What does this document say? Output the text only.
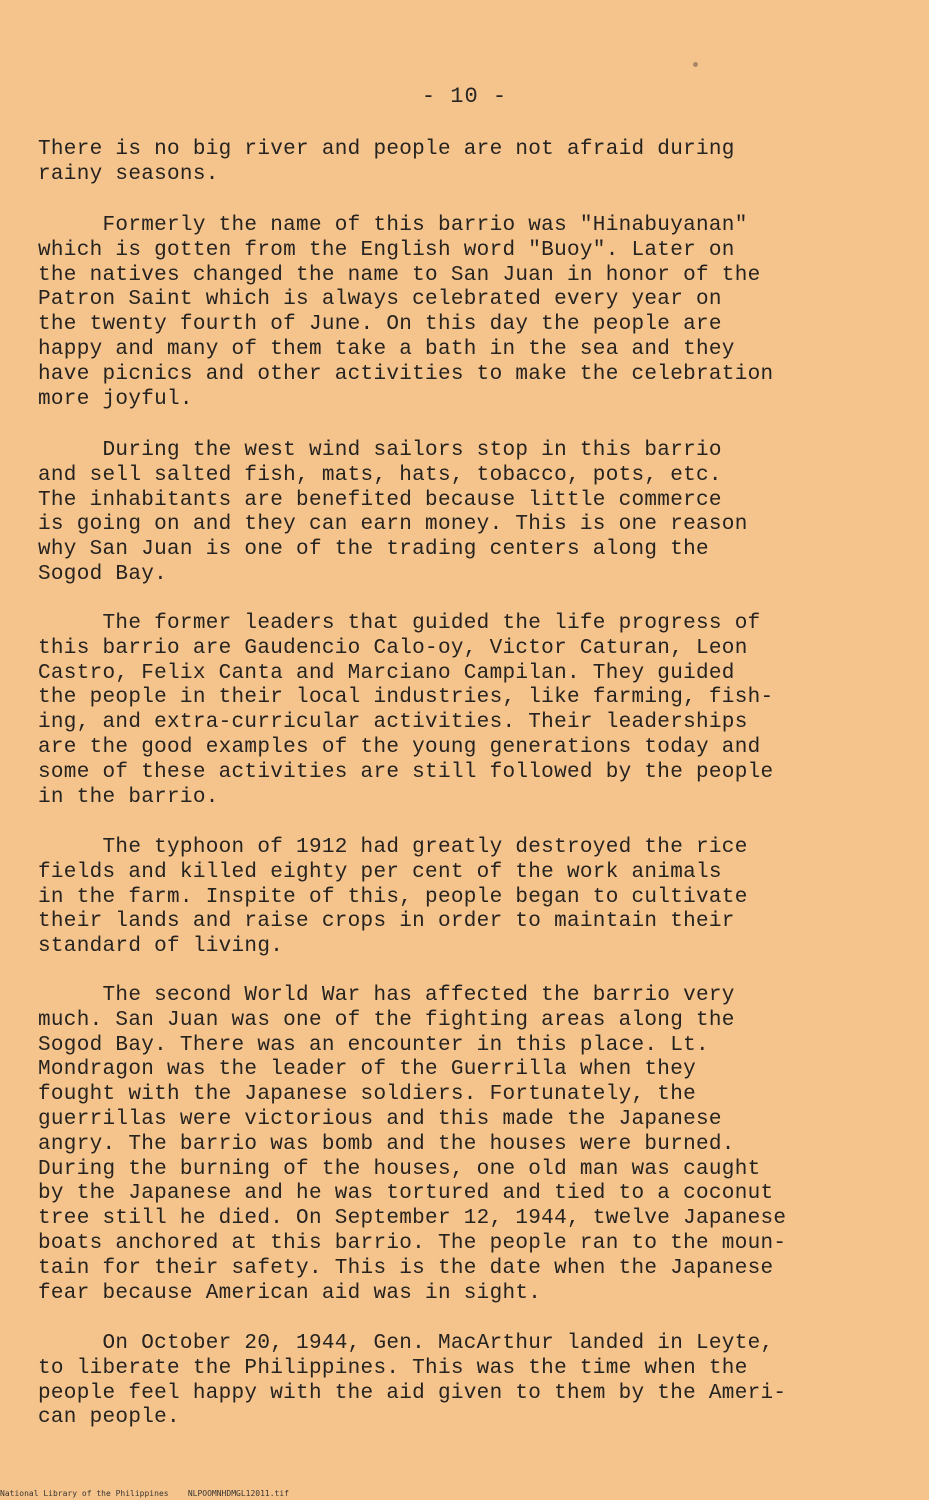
- 10 -

There is no big river and people are not afraid during
rainy seasons.

Formerly the name of this barrio was "Hinabuyanan"
which is gotten from the English word "Buoy". Later on
the natives changed the name to San Juan in honor of the
Patron Saint which is always celebrated every year on
the twenty fourth of June. On this day the people are
happy and many of them take a bath in the sea and they
have picnics and other activities to make the celebration
more joyful.

During the west wind sailors stop in this barrio
and sell salted fish, mats, hats, tobacco, pots, etc.
The inhabitants are benefited because little commerce
is going on and they can earn money. This is one reason
why San Juan is one of the trading centers along the
Sogod Bay.

The former leaders that guided the life progress of
this barrio are Gaudencio Calo-oy, Victor Caturan, Leon
Castro, Felix Canta and Marciano Campilan. They guided
the people in their local industries, like farming, fish-
ing, and extra-curricular activities. Their leaderships
are the good examples of the young generations today and
some of these activities are still followed by the people
in the barrio.

The typhoon of 1912 had greatly destroyed the rice
fields and killed eighty per cent of the work animals
in the farm. Inspite of this, people began to cultivate
their lands and raise crops in order to maintain their
standard of living.

The second World War has affected the barrio very
much. San Juan was one of the fighting areas along the
Sogod Bay. There was an encounter in this place. Lt.
Mondragon was the leader of the Guerrilla when they
fought with the Japanese soldiers. Fortunately, the
guerrillas were victorious and this made the Japanese
angry. The barrio was bomb and the houses were burned.
During the burning of the houses, one old man was caught
by the Japanese and he was tortured and tied to a coconut
tree still he died. On September 12, 1944, twelve Japanese
boats anchored at this barrio. The people ran to the moun-
tain for their safety. This is the date when the Japanese
fear because American aid was in sight.

On October 20, 1944, Gen. MacArthur landed in Leyte,
to liberate the Philippines. This was the time when the
people feel happy with the aid given to them by the Ameri-
can people.

National Library of the Philippines    NLPOOMNHDMGL12011.tif
